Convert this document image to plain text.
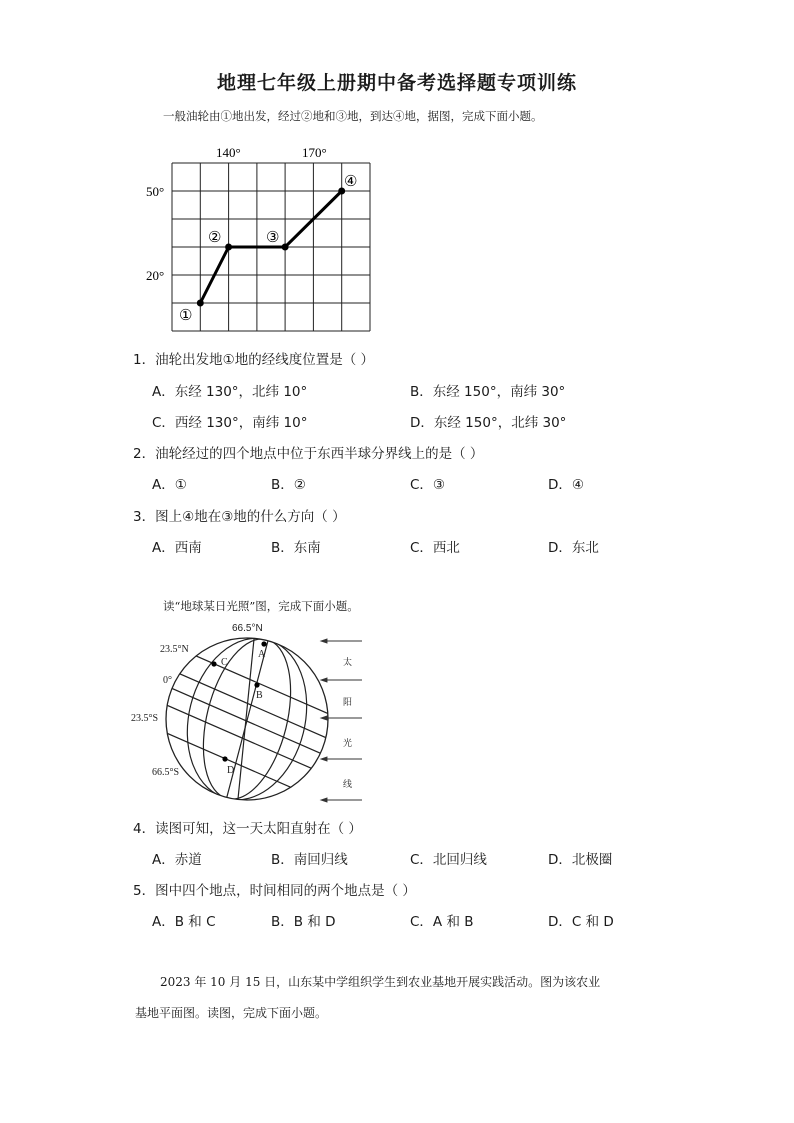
地理七年级上册期中备考选择题专项训练
一般油轮由①地出发，经过②地和③地，到达④地，据图，完成下面小题。
140°	170°
50°
20°
①
②	③
④
1．油轮出发地①地的经线度位置是（ ）
A．东经 130°，北纬 10°	B．东经 150°，南纬 30°
C．西经 130°，南纬 10°	D．东经 150°，北纬 30°
2．油轮经过的四个地点中位于东西半球分界线上的是（ ）
A．①	B．②	C．③	D．④
3．图上④地在③地的什么方向（ ）
A．西南	B．东南	C．西北	D．东北
读“地球某日光照”图，完成下面小题。
66.5°N
23.5°N
0°
23.5°S
66.5°S
A
C
B
D
太
阳
光
线
4．读图可知，这一天太阳直射在（ ）
A．赤道	B．南回归线	C．北回归线	D．北极圈
5．图中四个地点，时间相同的两个地点是（ ）
A．B 和 C	B．B 和 D	C．A 和 B	D．C 和 D
2023 年 10 月 15 日，山东某中学组织学生到农业基地开展实践活动。图为该农业
基地平面图。读图，完成下面小题。
